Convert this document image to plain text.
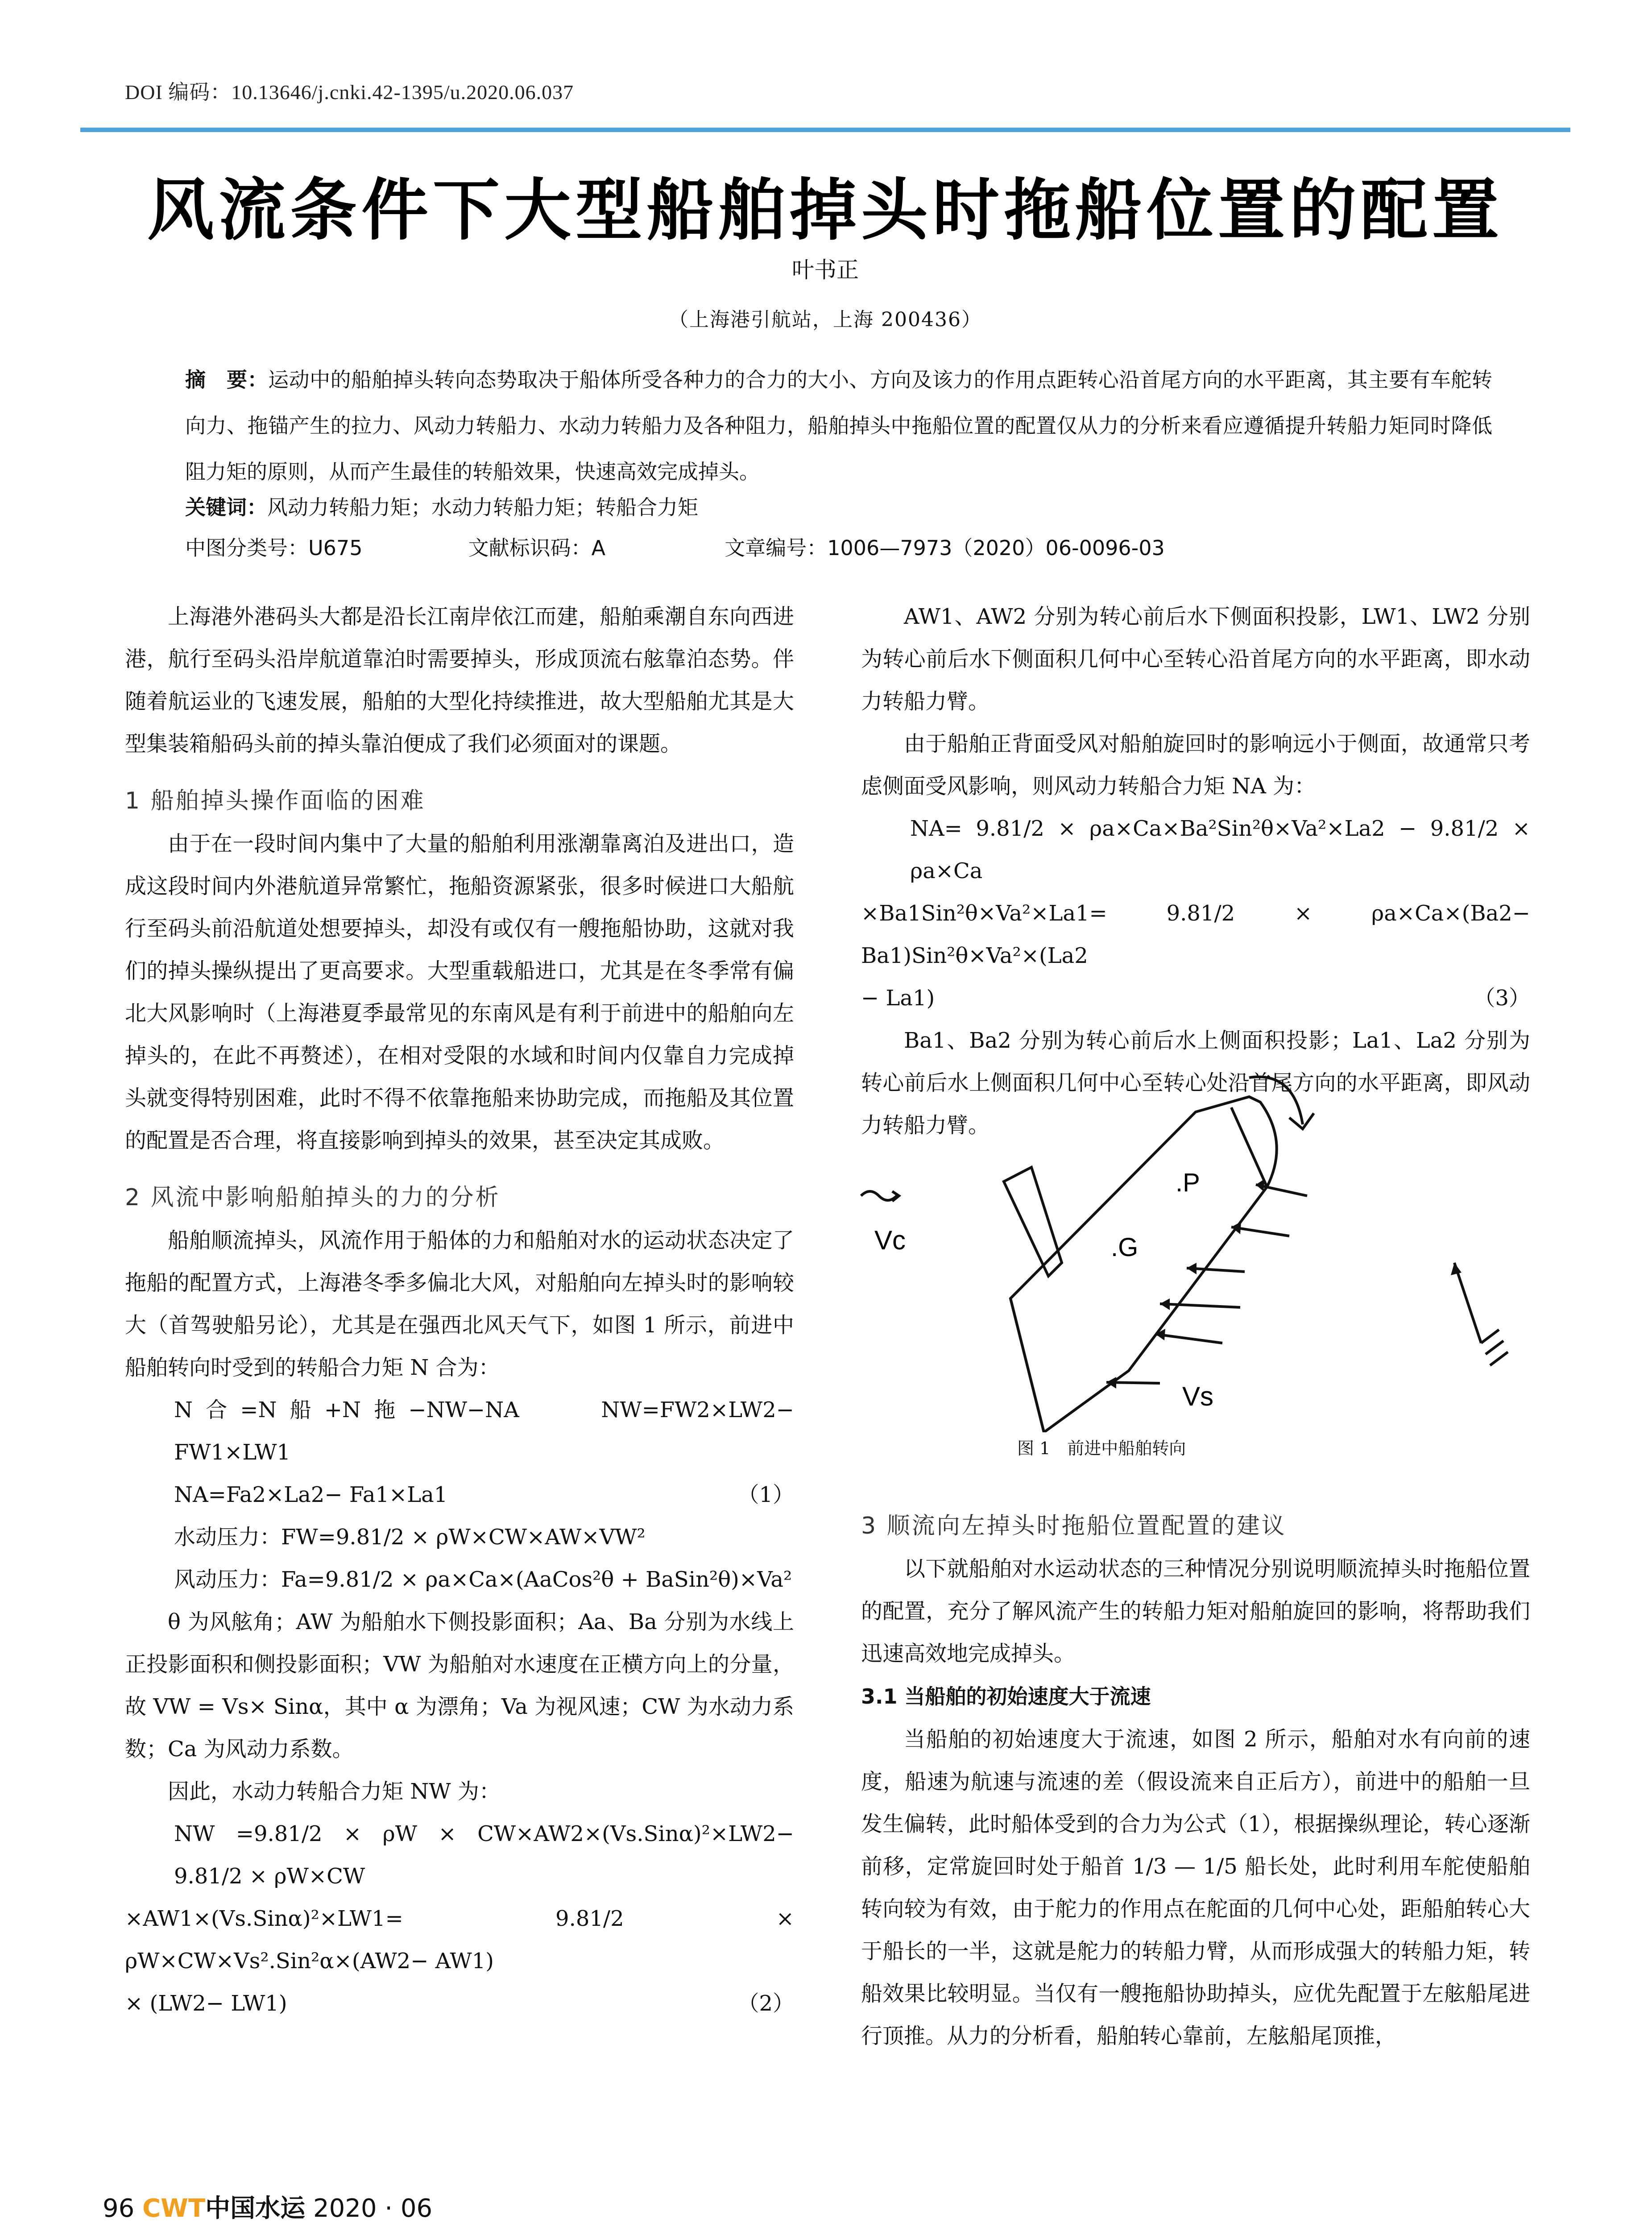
DOI 编码：10.13646/j.cnki.42-1395/u.2020.06.037
风流条件下大型船舶掉头时拖船位置的配置
叶书正
（上海港引航站，上海 200436）
摘　要：运动中的船舶掉头转向态势取决于船体所受各种力的合力的大小、方向及该力的作用点距转心沿首尾方向的水平距离，其主要有车舵转向力、拖锚产生的拉力、风动力转船力、水动力转船力及各种阻力，船舶掉头中拖船位置的配置仅从力的分析来看应遵循提升转船力矩同时降低阻力矩的原则，从而产生最佳的转船效果，快速高效完成掉头。
关键词：风动力转船力矩；水动力转船力矩；转船合力矩
中图分类号：U675	文献标识码：A	文章编号：1006—7973（2020）06-0096-03

上海港外港码头大都是沿长江南岸依江而建，船舶乘潮自东向西进港，航行至码头沿岸航道靠泊时需要掉头，形成顶流右舷靠泊态势。伴随着航运业的飞速发展，船舶的大型化持续推进，故大型船舶尤其是大型集装箱船码头前的掉头靠泊便成了我们必须面对的课题。

1 船舶掉头操作面临的困难

由于在一段时间内集中了大量的船舶利用涨潮靠离泊及进出口，造成这段时间内外港航道异常繁忙，拖船资源紧张，很多时候进口大船航行至码头前沿航道处想要掉头，却没有或仅有一艘拖船协助，这就对我们的掉头操纵提出了更高要求。大型重载船进口，尤其是在冬季常有偏北大风影响时（上海港夏季最常见的东南风是有利于前进中的船舶向左掉头的，在此不再赘述），在相对受限的水域和时间内仅靠自力完成掉头就变得特别困难，此时不得不依靠拖船来协助完成，而拖船及其位置的配置是否合理，将直接影响到掉头的效果，甚至决定其成败。

2 风流中影响船舶掉头的力的分析

船舶顺流掉头，风流作用于船体的力和船舶对水的运动状态决定了拖船的配置方式，上海港冬季多偏北大风，对船舶向左掉头时的影响较大（首驾驶船另论），尤其是在强西北风天气下，如图 1 所示，前进中船舶转向时受到的转船合力矩 N 合为：

N合=N船+N拖−NW−NA　　NW=FW2×LW2− FW1×LW1

NA=Fa2×La2− Fa1×La1	（1）

水动压力：FW=9.81/2 × ρW×CW×AW×VW²

风动压力：Fa=9.81/2 × ρa×Ca×(AaCos²θ + BaSin²θ)×Va²

θ 为风舷角；AW 为船舶水下侧投影面积；Aa、Ba 分别为水线上正投影面积和侧投影面积；VW 为船舶对水速度在正横方向上的分量，故 VW = Vs× Sinα，其中 α 为漂角；Va 为视风速；CW 为水动力系数；Ca 为风动力系数。

因此，水动力转船合力矩 NW 为：

NW =9.81/2 × ρW × CW×AW2×(Vs.Sinα)²×LW2− 9.81/2 × ρW×CW

×AW1×(Vs.Sinα)²×LW1= 9.81/2 × ρW×CW×Vs².Sin²α×(AW2− AW1)

× (LW2− LW1)	（2）

AW1、AW2 分别为转心前后水下侧面积投影，LW1、LW2 分别为转心前后水下侧面积几何中心至转心沿首尾方向的水平距离，即水动力转船力臂。

由于船舶正背面受风对船舶旋回时的影响远小于侧面，故通常只考虑侧面受风影响，则风动力转船合力矩 NA 为：

NA= 9.81/2 × ρa×Ca×Ba²Sin²θ×Va²×La2 − 9.81/2 × ρa×Ca

×Ba1Sin²θ×Va²×La1= 9.81/2 × ρa×Ca×(Ba2− Ba1)Sin²θ×Va²×(La2

− La1)	（3）

Ba1、Ba2 分别为转心前后水上侧面积投影；La1、La2 分别为转心前后水上侧面积几何中心至转心处沿首尾方向的水平距离，即风动力转船力臂。

Vc
.P
.G
Vs
图 1　前进中船舶转向
3 顺流向左掉头时拖船位置配置的建议

以下就船舶对水运动状态的三种情况分别说明顺流掉头时拖船位置的配置，充分了解风流产生的转船力矩对船舶旋回的影响，将帮助我们迅速高效地完成掉头。

3.1 当船舶的初始速度大于流速

当船舶的初始速度大于流速，如图 2 所示，船舶对水有向前的速度，船速为航速与流速的差（假设流来自正后方），前进中的船舶一旦发生偏转，此时船体受到的合力为公式（1），根据操纵理论，转心逐渐前移，定常旋回时处于船首 1/3 — 1/5 船长处，此时利用车舵使船舶转向较为有效，由于舵力的作用点在舵面的几何中心处，距船舶转心大于船长的一半，这就是舵力的转船力臂，从而形成强大的转船力矩，转船效果比较明显。当仅有一艘拖船协助掉头，应优先配置于左舷船尾进行顶推。从力的分析看，船舶转心靠前，左舷船尾顶推，

96 CWT中国水运 2020 · 06
